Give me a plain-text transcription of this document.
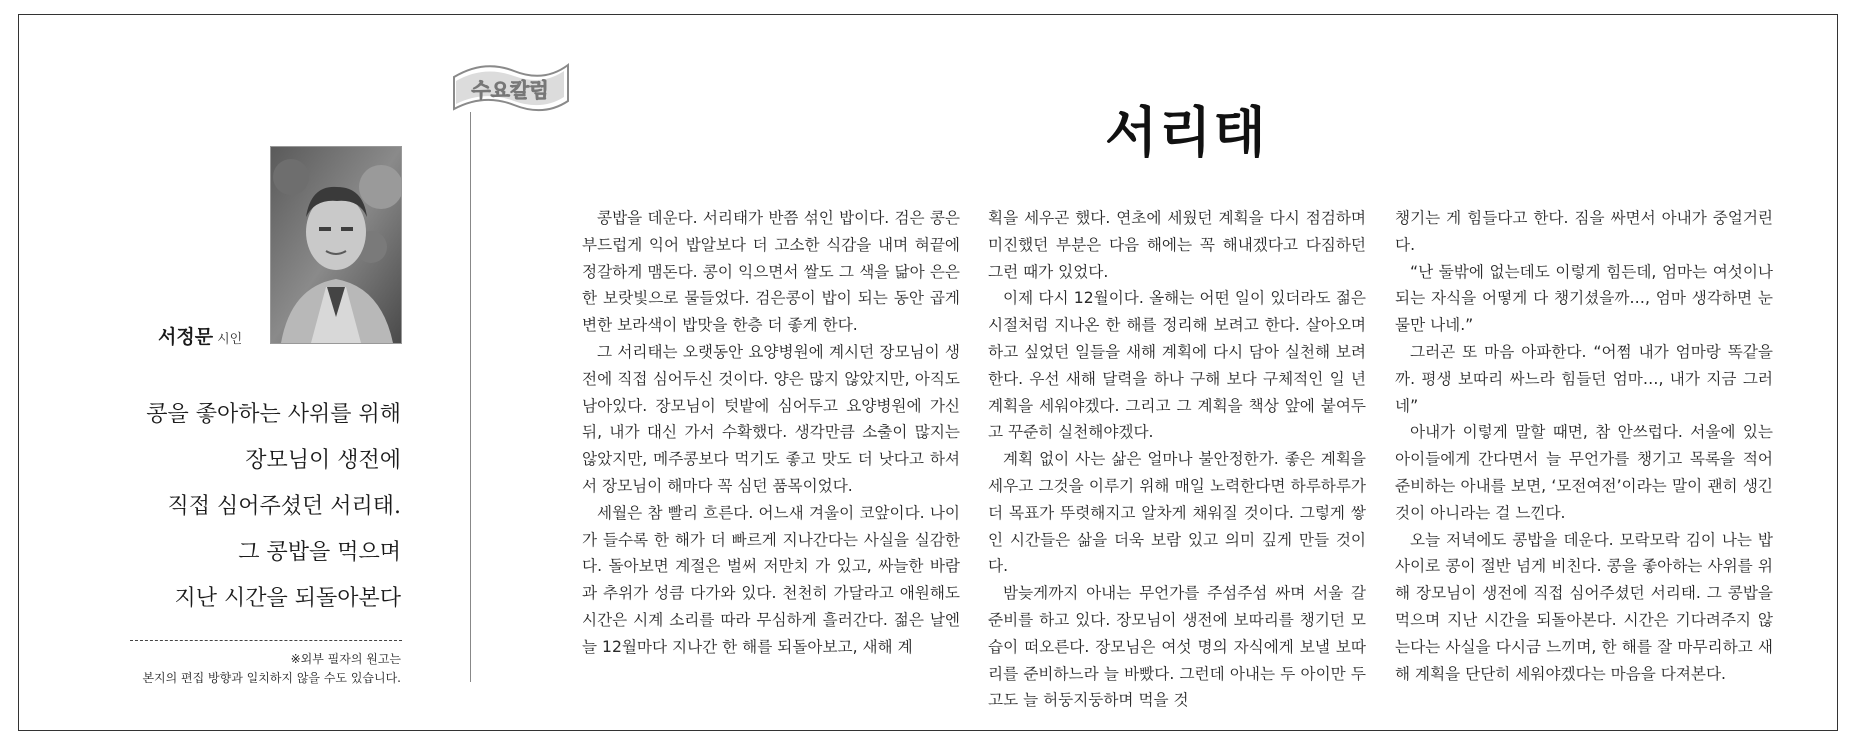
서정문 시인
콩을 좋아하는 사위를 위해
장모님이 생전에
직접 심어주셨던 서리태.
그 콩밥을 먹으며
지난 시간을 되돌아본다
※외부 필자의 원고는
본지의 편집 방향과 일치하지 않을 수도 있습니다.
수요칼럼
서리태

콩밥을 데운다. 서리태가 반쯤 섞인 밥이다. 검은 콩은 부드럽게 익어 밥알보다 더 고소한 식감을 내며 혀끝에 정갈하게 맴돈다. 콩이 익으면서 쌀도 그 색을 닮아 은은한 보랏빛으로 물들었다. 검은콩이 밥이 되는 동안 곱게 변한 보라색이 밥맛을 한층 더 좋게 한다.

그 서리태는 오랫동안 요양병원에 계시던 장모님이 생전에 직접 심어두신 것이다. 양은 많지 않았지만, 아직도 남아있다. 장모님이 텃밭에 심어두고 요양병원에 가신 뒤, 내가 대신 가서 수확했다. 생각만큼 소출이 많지는 않았지만, 메주콩보다 먹기도 좋고 맛도 더 낫다고 하셔서 장모님이 해마다 꼭 심던 품목이었다.

세월은 참 빨리 흐른다. 어느새 겨울이 코앞이다. 나이가 들수록 한 해가 더 빠르게 지나간다는 사실을 실감한다. 돌아보면 계절은 벌써 저만치 가 있고, 싸늘한 바람과 추위가 성큼 다가와 있다. 천천히 가달라고 애원해도 시간은 시계 소리를 따라 무심하게 흘러간다. 젊은 날엔 늘 12월마다 지나간 한 해를 되돌아보고, 새해 계

획을 세우곤 했다. 연초에 세웠던 계획을 다시 점검하며 미진했던 부분은 다음 해에는 꼭 해내겠다고 다짐하던 그런 때가 있었다.

이제 다시 12월이다. 올해는 어떤 일이 있더라도 젊은 시절처럼 지나온 한 해를 정리해 보려고 한다. 살아오며 하고 싶었던 일들을 새해 계획에 다시 담아 실천해 보려 한다. 우선 새해 달력을 하나 구해 보다 구체적인 일 년 계획을 세워야겠다. 그리고 그 계획을 책상 앞에 붙여두고 꾸준히 실천해야겠다.

계획 없이 사는 삶은 얼마나 불안정한가. 좋은 계획을 세우고 그것을 이루기 위해 매일 노력한다면 하루하루가 더 목표가 뚜렷해지고 알차게 채워질 것이다. 그렇게 쌓인 시간들은 삶을 더욱 보람 있고 의미 깊게 만들 것이다.

밤늦게까지 아내는 무언가를 주섬주섬 싸며 서울 갈 준비를 하고 있다. 장모님이 생전에 보따리를 챙기던 모습이 떠오른다. 장모님은 여섯 명의 자식에게 보낼 보따리를 준비하느라 늘 바빴다. 그런데 아내는 두 아이만 두고도 늘 허둥지둥하며 먹을 것

챙기는 게 힘들다고 한다. 짐을 싸면서 아내가 중얼거린다.

“난 둘밖에 없는데도 이렇게 힘든데, 엄마는 여섯이나 되는 자식을 어떻게 다 챙기셨을까…, 엄마 생각하면 눈물만 나네.”

그러곤 또 마음 아파한다. “어쩜 내가 엄마랑 똑같을까. 평생 보따리 싸느라 힘들던 엄마…, 내가 지금 그러네”

아내가 이렇게 말할 때면, 참 안쓰럽다. 서울에 있는 아이들에게 간다면서 늘 무언가를 챙기고 목록을 적어 준비하는 아내를 보면, ‘모전여전’이라는 말이 괜히 생긴 것이 아니라는 걸 느낀다.

오늘 저녁에도 콩밥을 데운다. 모락모락 김이 나는 밥 사이로 콩이 절반 넘게 비친다. 콩을 좋아하는 사위를 위해 장모님이 생전에 직접 심어주셨던 서리태. 그 콩밥을 먹으며 지난 시간을 되돌아본다. 시간은 기다려주지 않는다는 사실을 다시금 느끼며, 한 해를 잘 마무리하고 새해 계획을 단단히 세워야겠다는 마음을 다져본다.
